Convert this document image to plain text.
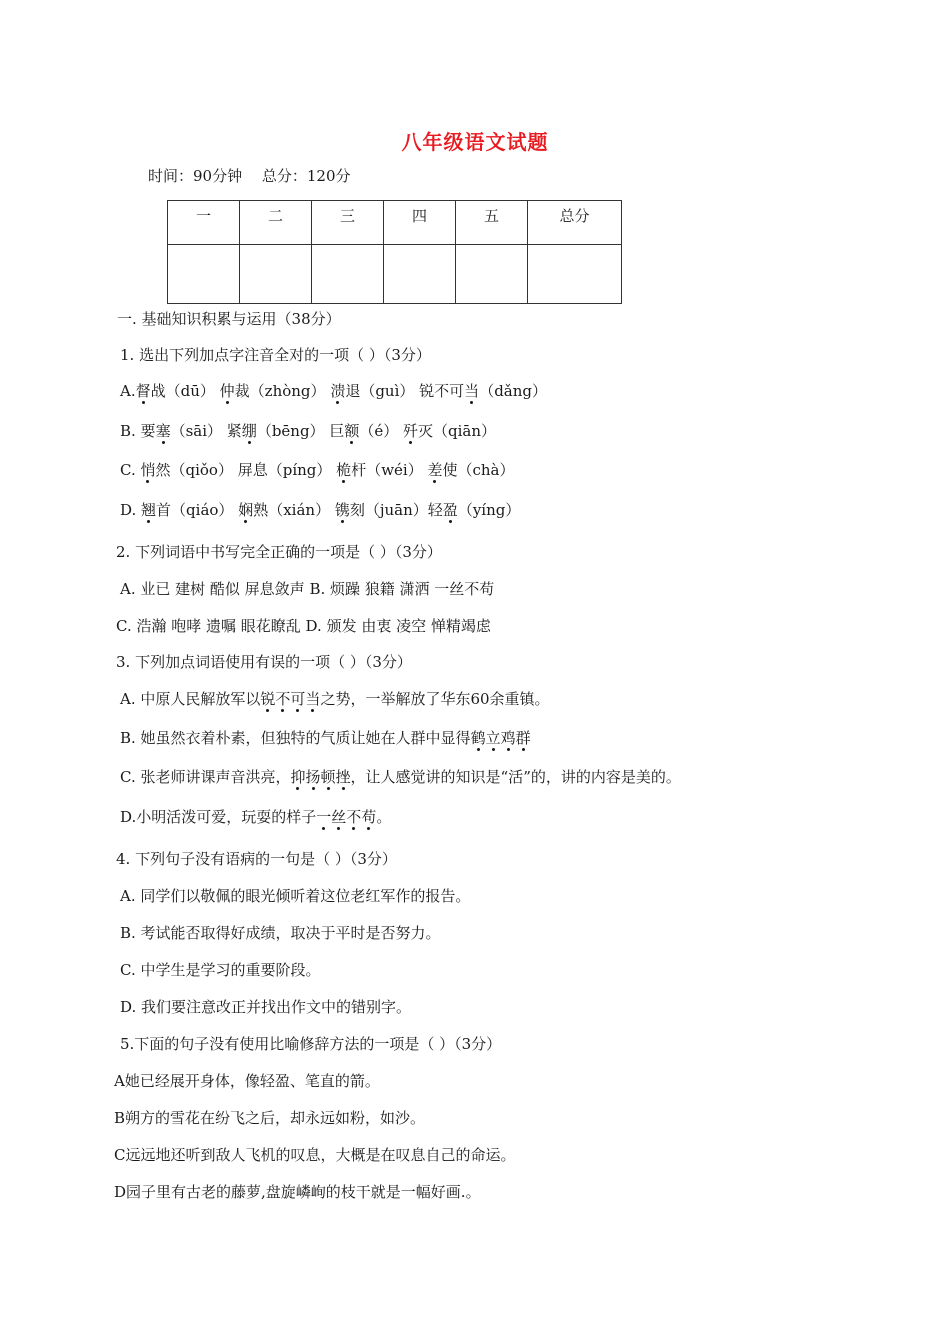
八年级语文试题
时间：90分钟　 总分：120分
一	二	三	四	五	总分

一. 基础知识积累与运用（38分）
1. 选出下列加点字注音全对的一项（ ）（3分）
A.督战（dū） 仲裁（zhòng） 溃退（guì） 锐不可当（dǎng）
B. 要塞（sāi） 紧绷（bēng） 巨额（é） 歼灭（qiān）
C. 悄然（qiǒo） 屏息（píng） 桅杆（wéi） 差使（chà）
D. 翘首（qiáo） 娴熟（xián） 镌刻（juān）轻盈（yíng）
2. 下列词语中书写完全正确的一项是（ ）（3分）
A. 业已 建树 酷似 屏息敛声 B. 烦躁 狼籍 潇洒 一丝不苟
C. 浩瀚 咆哮 遗嘱 眼花瞭乱 D. 颁发 由衷 凌空 惮精竭虑
3. 下列加点词语使用有误的一项（ ）（3分）
A. 中原人民解放军以锐不可当之势，一举解放了华东60余重镇。
B. 她虽然衣着朴素，但独特的气质让她在人群中显得鹤立鸡群
C. 张老师讲课声音洪亮，抑扬顿挫，让人感觉讲的知识是“活”的，讲的内容是美的。
D.小明活泼可爱，玩耍的样子一丝不苟。
4. 下列句子没有语病的一句是（ ）（3分）
A. 同学们以敬佩的眼光倾听着这位老红军作的报告。
B. 考试能否取得好成绩，取决于平时是否努力。
C. 中学生是学习的重要阶段。
D. 我们要注意改正并找出作文中的错别字。
5.下面的句子没有使用比喻修辞方法的一项是（ ）（3分）
A她已经展开身体，像轻盈、笔直的箭。
B朔方的雪花在纷飞之后，却永远如粉，如沙。
C远远地还听到敌人飞机的叹息，大概是在叹息自己的命运。
D园子里有古老的藤萝,盘旋嶙峋的枝干就是一幅好画.。
